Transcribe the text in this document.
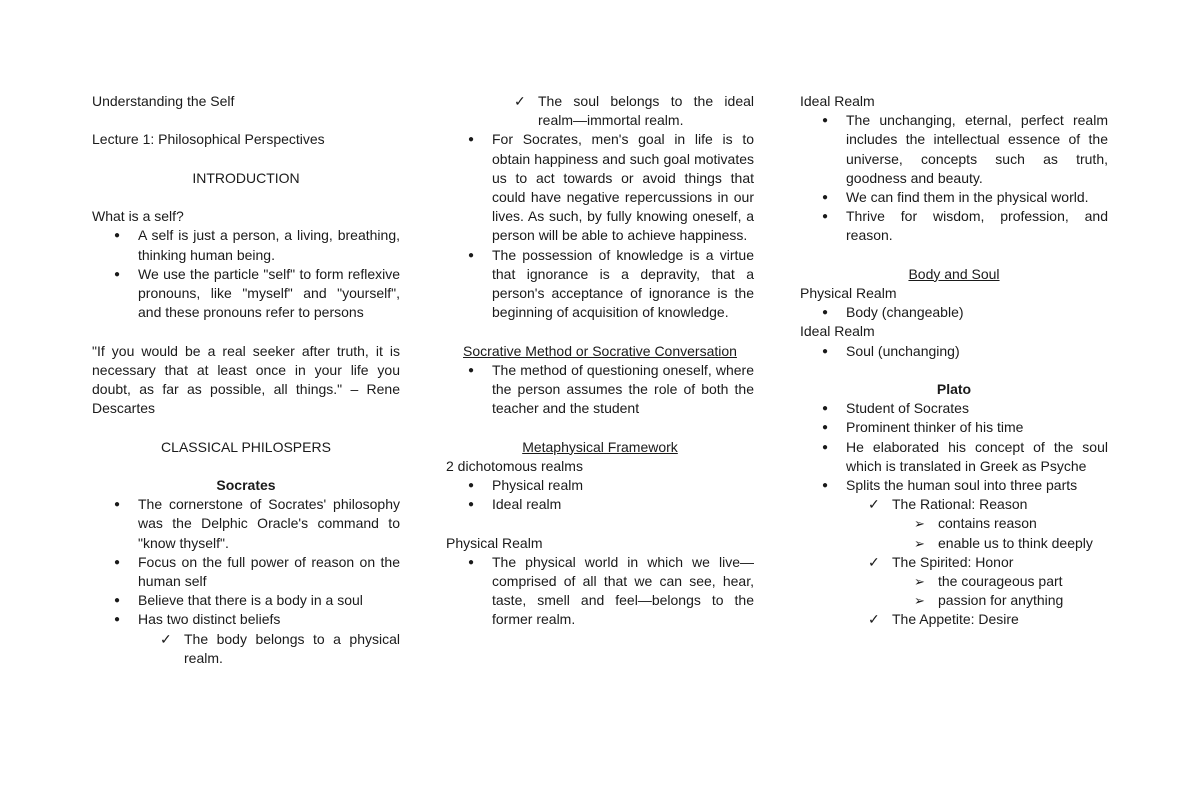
Understanding the Self

Lecture 1: Philosophical Perspectives

INTRODUCTION

What is a self?

● A self is just a person, a living, breathing, thinking human being.
● We use the particle "self" to form reflexive pronouns, like "myself" and "yourself", and these pronouns refer to persons

"If you would be a real seeker after truth, it is necessary that at least once in your life you doubt, as far as possible, all things." – Rene Descartes

CLASSICAL PHILOSPERS

Socrates

● The cornerstone of Socrates' philosophy was the Delphic Oracle's command to "know thyself".
● Focus on the full power of reason on the human self
● Believe that there is a body in a soul
● Has two distinct beliefs
✓ The body belongs to a physical realm.
✓ The soul belongs to the ideal realm—immortal realm.
● For Socrates, men's goal in life is to obtain happiness and such goal motivates us to act towards or avoid things that could have negative repercussions in our lives. As such, by fully knowing oneself, a person will be able to achieve happiness.
● The possession of knowledge is a virtue that ignorance is a depravity, that a person's acceptance of ignorance is the beginning of acquisition of knowledge.

Socrative Method or Socrative Conversation

● The method of questioning oneself, where the person assumes the role of both the teacher and the student

Metaphysical Framework

2 dichotomous realms

● Physical realm
● Ideal realm

Physical Realm

● The physical world in which we live—comprised of all that we can see, hear, taste, smell and feel—belongs to the former realm.

Ideal Realm

● The unchanging, eternal, perfect realm includes the intellectual essence of the universe, concepts such as truth, goodness and beauty.
● We can find them in the physical world.
● Thrive for wisdom, profession, and reason.

Body and Soul

Physical Realm

● Body (changeable)

Ideal Realm

● Soul (unchanging)

Plato

● Student of Socrates
● Prominent thinker of his time
● He elaborated his concept of the soul which is translated in Greek as Psyche
● Splits the human soul into three parts
✓ The Rational: Reason
➢ contains reason
➢ enable us to think deeply
✓ The Spirited: Honor
➢ the courageous part
➢ passion for anything
✓ The Appetite: Desire
